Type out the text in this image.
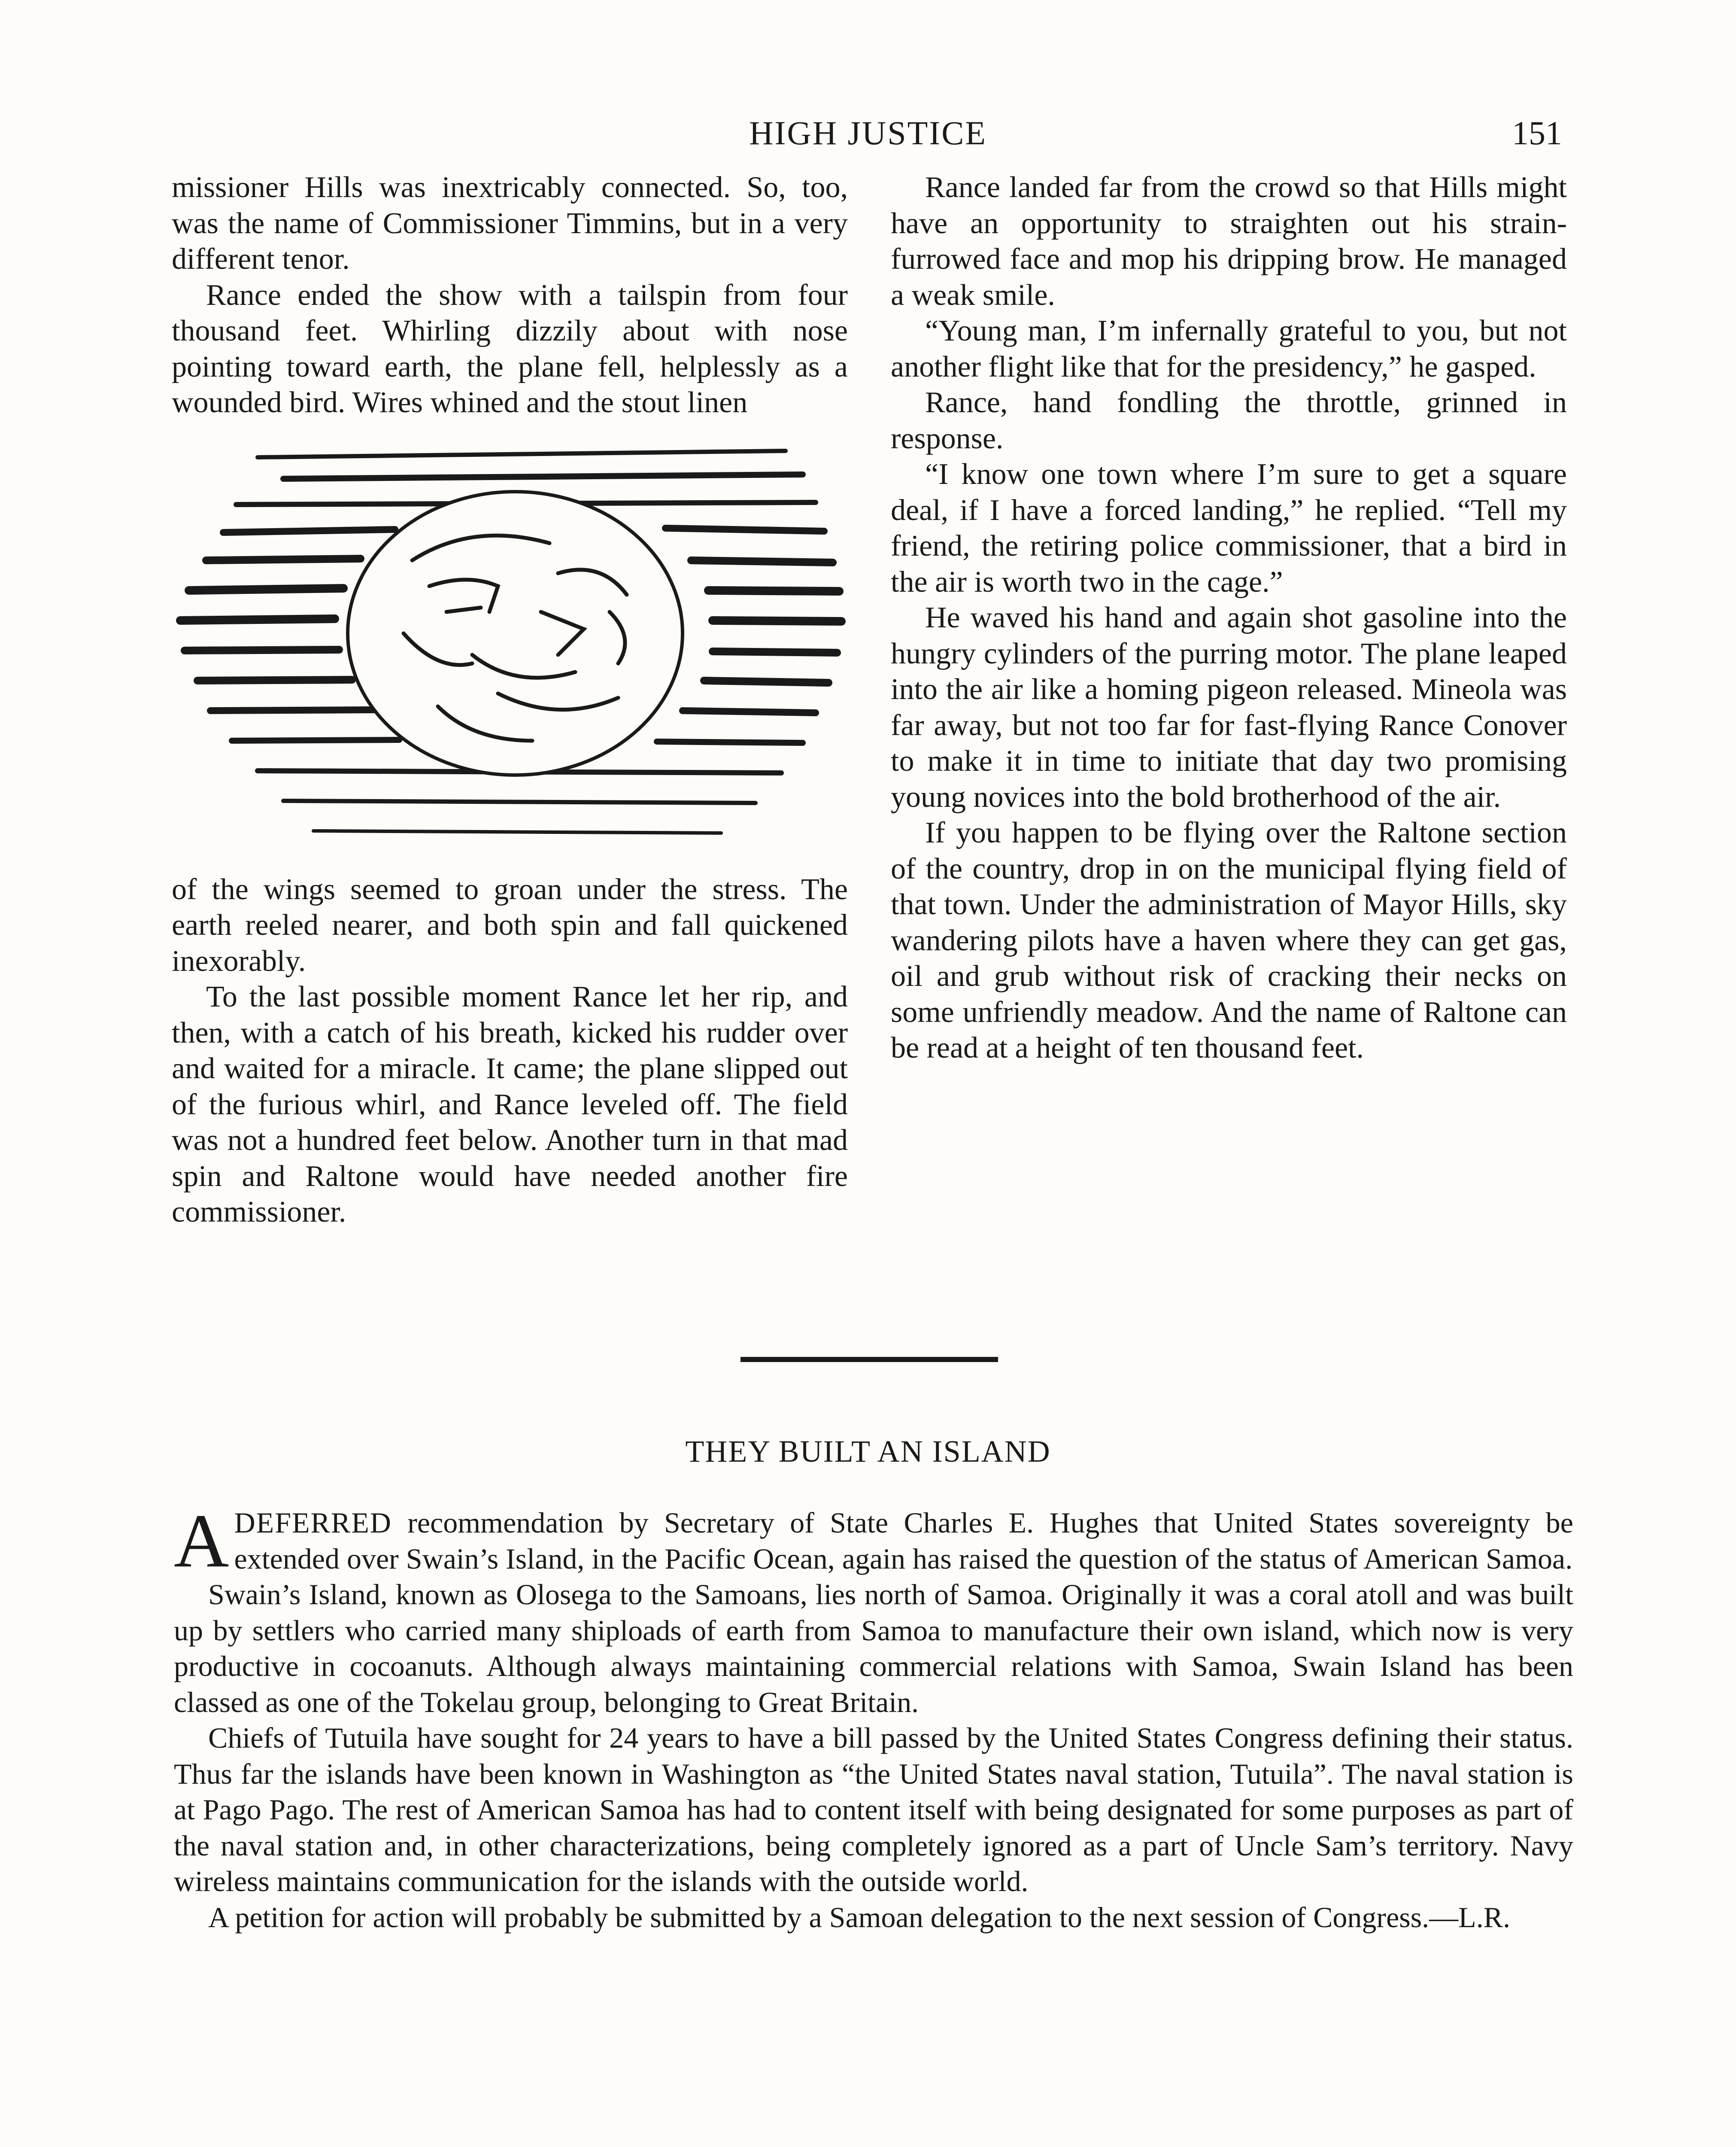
HIGH JUSTICE	151

missioner Hills was inextricably connected. So, too, was the name of Commissioner Timmins, but in a very different tenor.

Rance ended the show with a tailspin from four thousand feet. Whirling dizzily about with nose pointing toward earth, the plane fell, helplessly as a wounded bird. Wires whined and the stout linen

of the wings seemed to groan under the stress. The earth reeled nearer, and both spin and fall quickened inexorably.

To the last possible moment Rance let her rip, and then, with a catch of his breath, kicked his rudder over and waited for a miracle. It came; the plane slipped out of the furious whirl, and Rance leveled off. The field was not a hundred feet below. Another turn in that mad spin and Raltone would have needed another fire commissioner.

Rance landed far from the crowd so that Hills might have an opportunity to straighten out his strain-furrowed face and mop his dripping brow. He managed a weak smile.

“Young man, I’m infernally grateful to you, but not another flight like that for the presidency,” he gasped.

Rance, hand fondling the throttle, grinned in response.

“I know one town where I’m sure to get a square deal, if I have a forced landing,” he replied. “Tell my friend, the retiring police commissioner, that a bird in the air is worth two in the cage.”

He waved his hand and again shot gasoline into the hungry cylinders of the purring motor. The plane leaped into the air like a homing pigeon released. Mineola was far away, but not too far for fast-flying Rance Conover to make it in time to initiate that day two promising young novices into the bold brotherhood of the air.

If you happen to be flying over the Raltone section of the country, drop in on the municipal flying field of that town. Under the administration of Mayor Hills, sky wandering pilots have a haven where they can get gas, oil and grub without risk of cracking their necks on some unfriendly meadow. And the name of Raltone can be read at a height of ten thousand feet.

THEY BUILT AN ISLAND

ADEFERRED recommendation by Secretary of State Charles E. Hughes that United States sovereignty be extended over Swain’s Island, in the Pacific Ocean, again has raised the question of the status of American Samoa.

Swain’s Island, known as Olosega to the Samoans, lies north of Samoa. Originally it was a coral atoll and was built up by settlers who carried many shiploads of earth from Samoa to manufacture their own island, which now is very productive in cocoanuts. Although always maintaining commercial relations with Samoa, Swain Island has been classed as one of the Tokelau group, belonging to Great Britain.

Chiefs of Tutuila have sought for 24 years to have a bill passed by the United States Congress defining their status. Thus far the islands have been known in Washington as “the United States naval station, Tutuila”. The naval station is at Pago Pago. The rest of American Samoa has had to content itself with being designated for some purposes as part of the naval station and, in other characterizations, being completely ignored as a part of Uncle Sam’s territory. Navy wireless maintains communication for the islands with the outside world.

A petition for action will probably be submitted by a Samoan delegation to the next session of Congress.—L.R.
